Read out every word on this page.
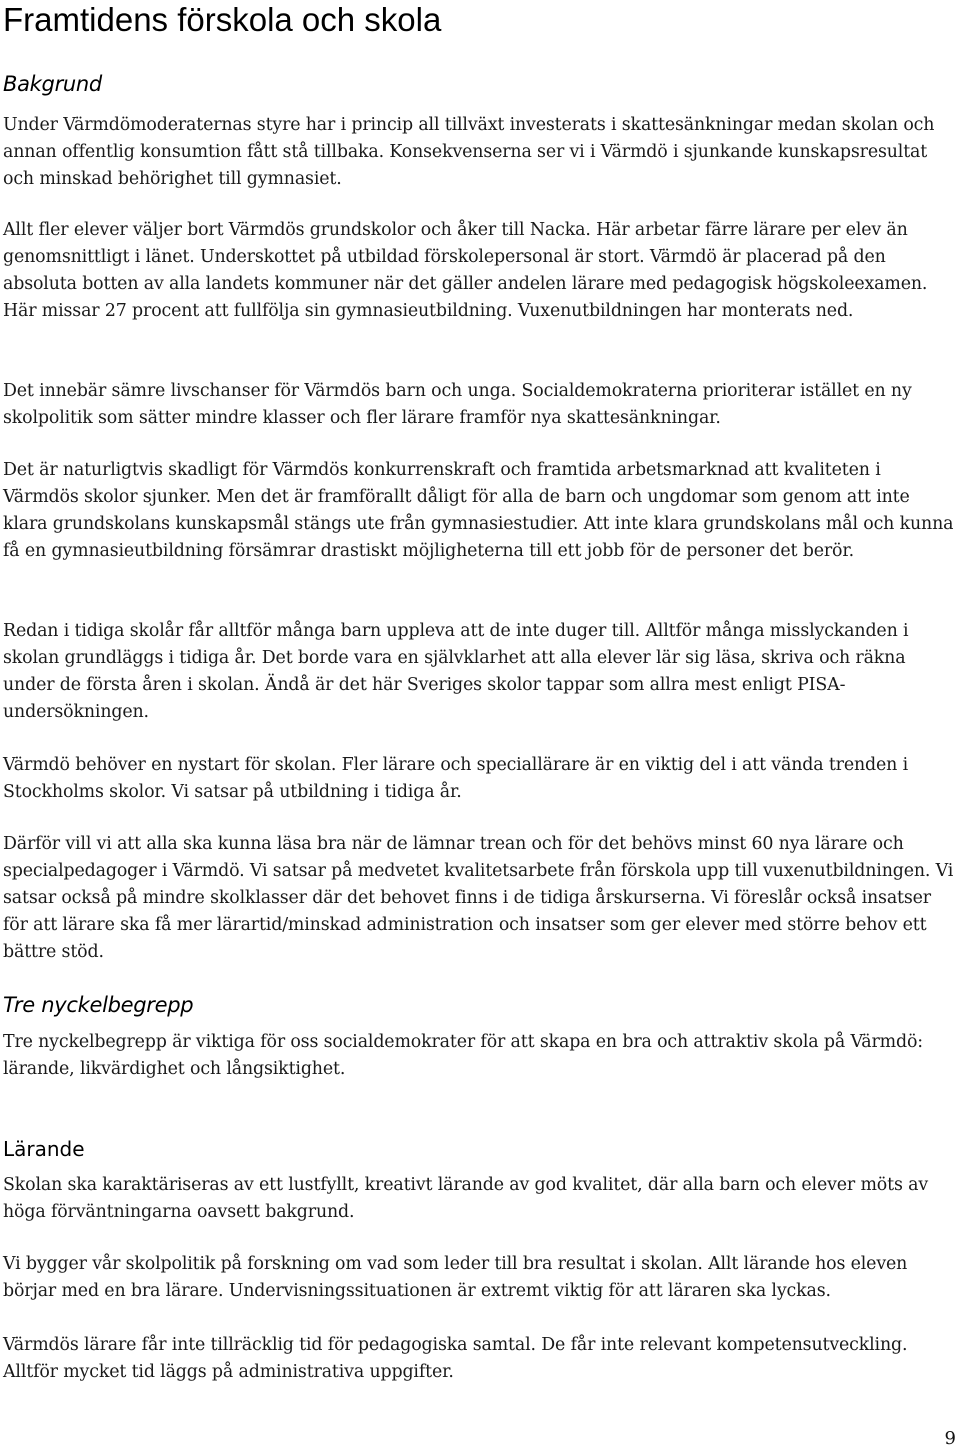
Framtidens förskola och skola
Bakgrund

Under Värmdömoderaternas styre har i princip all tillväxt investerats i skattesänkningar medan skolan och annan offentlig konsumtion fått stå tillbaka. Konsekvenserna ser vi i Värmdö i sjunkande kunskapsresultat och minskad behörighet till gymnasiet.

Allt fler elever väljer bort Värmdös grundskolor och åker till Nacka. Här arbetar färre lärare per elev än genomsnittligt i länet. Underskottet på utbildad förskolepersonal är stort. Värmdö är placerad på den absoluta botten av alla landets kommuner när det gäller andelen lärare med pedagogisk högskoleexamen. Här missar 27 procent att fullfölja sin gymnasieutbildning. Vuxenutbildningen har monterats ned.

Det innebär sämre livschanser för Värmdös barn och unga. Socialdemokraterna prioriterar istället en ny skolpolitik som sätter mindre klasser och fler lärare framför nya skattesänkningar.

Det är naturligtvis skadligt för Värmdös konkurrenskraft och framtida arbetsmarknad att kvaliteten i Värmdös skolor sjunker. Men det är framförallt dåligt för alla de barn och ungdomar som genom att inte klara grundskolans kunskapsmål stängs ute från gymnasiestudier. Att inte klara grundskolans mål och kunna få en gymnasieutbildning försämrar drastiskt möjligheterna till ett jobb för de personer det berör.

Redan i tidiga skolår får alltför många barn uppleva att de inte duger till. Alltför många misslyckanden i skolan grundläggs i tidiga år. Det borde vara en självklarhet att alla elever lär sig läsa, skriva och räkna under de första åren i skolan. Ändå är det här Sveriges skolor tappar som allra mest enligt PISA-undersökningen.

Värmdö behöver en nystart för skolan. Fler lärare och speciallärare är en viktig del i att vända trenden i Stockholms skolor. Vi satsar på utbildning i tidiga år.

Därför vill vi att alla ska kunna läsa bra när de lämnar trean och för det behövs minst 60 nya lärare och specialpedagoger i Värmdö. Vi satsar på medvetet kvalitetsarbete från förskola upp till vuxenutbildningen. Vi satsar också på mindre skolklasser där det behovet finns i de tidiga årskurserna. Vi föreslår också insatser för att lärare ska få mer lärartid/minskad administration och insatser som ger elever med större behov ett bättre stöd.

Tre nyckelbegrepp

Tre nyckelbegrepp är viktiga för oss socialdemokrater för att skapa en bra och attraktiv skola på Värmdö: lärande, likvärdighet och långsiktighet.

Lärande

Skolan ska karaktäriseras av ett lustfyllt, kreativt lärande av god kvalitet, där alla barn och elever möts av höga förväntningarna oavsett bakgrund.

Vi bygger vår skolpolitik på forskning om vad som leder till bra resultat i skolan. Allt lärande hos eleven börjar med en bra lärare. Undervisningssituationen är extremt viktig för att läraren ska lyckas.

Värmdös lärare får inte tillräcklig tid för pedagogiska samtal. De får inte relevant kompetensutveckling. Alltför mycket tid läggs på administrativa uppgifter.

9
